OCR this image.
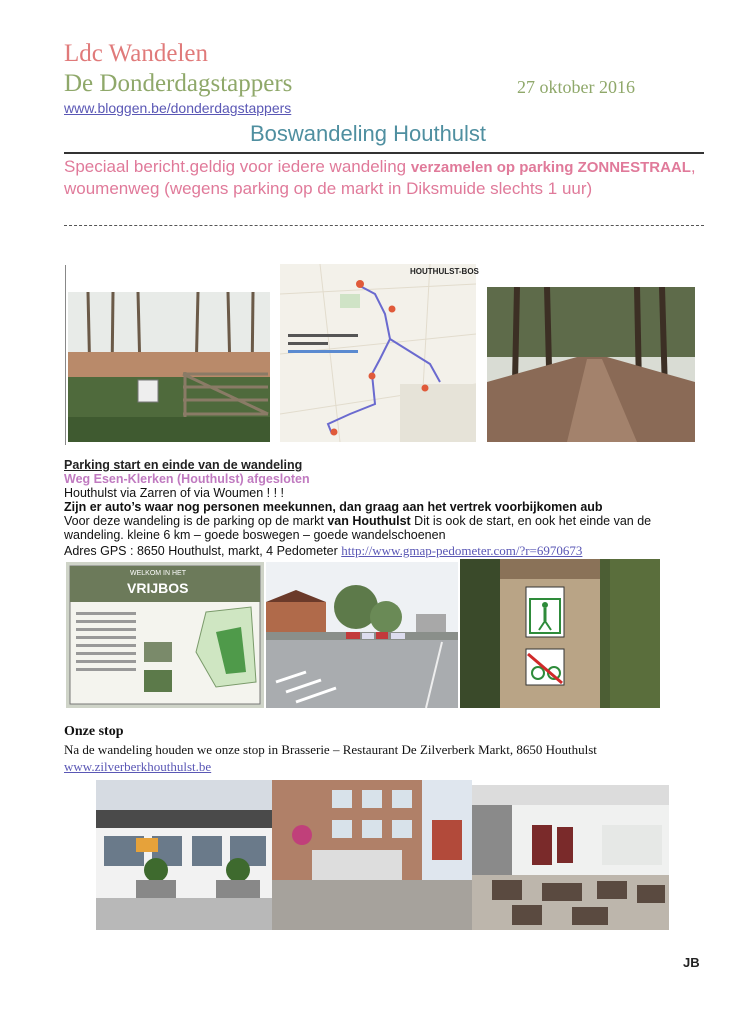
Ldc Wandelen
De Donderdagstappers	27 oktober 2016
www.bloggen.be/donderdagstappers
Boswandeling Houthulst
Speciaal bericht.geldig voor iedere wandeling verzamelen op parking ZONNESTRAAL, woumenweg (wegens parking op de markt in Diksmuide slechts 1 uur)
HOUTHULST-BOS
Parking start en einde van de wandeling
Weg Esen-Klerken (Houthulst) afgesloten
Houthulst via Zarren of via Woumen ! ! !
Zijn er auto’s waar nog personen meekunnen, dan graag aan het vertrek voorbijkomen aub
Voor deze wandeling is de parking op de markt van Houthulst Dit is ook de start, en ook het einde van de
wandeling. kleine 6 km – goede boswegen – goede wandelschoenen
Adres GPS : 8650 Houthulst, markt, 4 Pedometer http://www.gmap-pedometer.com/?r=6970673
WELKOM IN HET
VRIJBOS
Onze stop
Na de wandeling houden we onze stop in Brasserie – Restaurant De Zilverberk Markt, 8650 Houthulst
www.zilverberkhouthulst.be
JB
